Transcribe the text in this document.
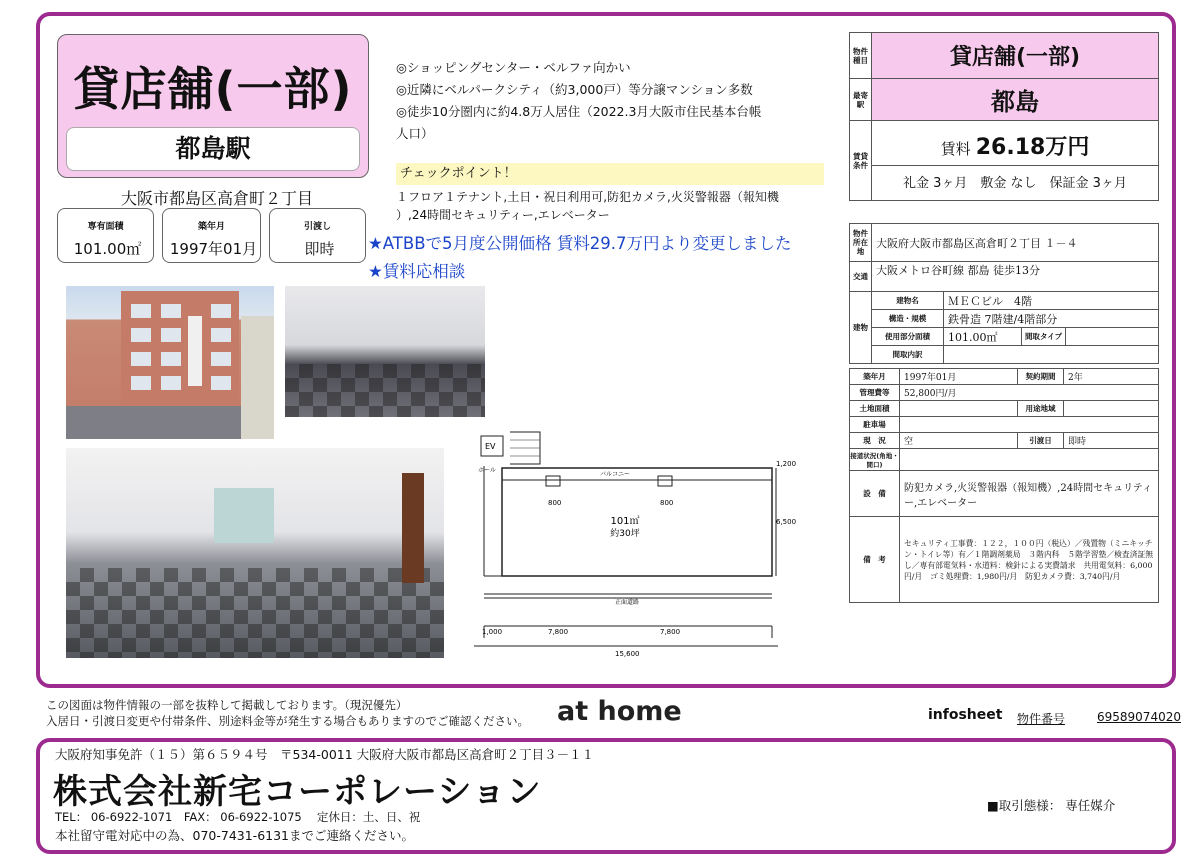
貸店舗(一部)
都島駅
大阪市都島区高倉町２丁目
専有面積
101.00㎡
築年月
1997年01月
引渡し
即時
◎ショッピングセンター・ベルファ向かい
◎近隣にベルパークシティ（約3,000戸）等分譲マンション多数
◎徒歩10分圏内に約4.8万人居住（2022.3月大阪市住民基本台帳
人口）
チェックポイント！
１フロア１テナント,土日・祝日利用可,防犯カメラ,火災警報器（報知機
）,24時間セキュリティー,エレベーター
★ATBBで5月度公開価格 賃料29.7万円より変更しました
★賃料応相談
EV
ホール
バルコニー
101㎡
約30坪
800	800
1,200
6,500
正面道路
1,000	7,800	7,800
15,600
物件種目	貸店舗(一部)
最寄駅	都島
賃貸条件	賃料 26.18万円
礼金 3ヶ月　敷金 なし　保証金 3ヶ月
物件所在地	大阪府大阪市都島区高倉町２丁目 １－４			
交通	大阪メトロ谷町線 都島 徒歩13分			
建物	建物名	ＭＥＣビル　4階		
	構造・規模	鉄骨造 7階建/4階部分		
	使用部分面積	101.00㎡	間取タイプ	
	間取内訳			
築年月	1997年01月	契約期間	2年
管理費等	52,800円/月		
土地面積		用途地域	
駐車場			
現　況	空	引渡日	即時
接道状況(角地・間口)			
設　備	防犯カメラ,火災警報器（報知機）,24時間セキュリティー,エレベーター		
備　考	セキュリティ工事費：１２２，１００円（税込）／残置物（ミニキッチン・トイレ等）有／１階調剤薬局　３階内科　５階学習塾／検査済証無し／専有部電気料・水道料：検針による実費請求　共用電気料：6,000円/月　ゴミ処理費：1,980円/月　防犯カメラ費：3,740円/月		
この図面は物件情報の一部を抜粋して掲載しております。（現況優先）
入居日・引渡日変更や付帯条件、別途料金等が発生する場合もありますのでご確認ください。 at home	infosheet 物件番号	69589074020
大阪府知事免許（１５）第６５９４号　〒534-0011 大阪府大阪市都島区高倉町２丁目３－１１
株式会社新宅コーポレーション
TEL： 06-6922-1071　FAX： 06-6922-1075　 定休日：土、日、祝
本社留守電対応中の為、070-7431-6131までご連絡ください。
■取引態様： 専任媒介
